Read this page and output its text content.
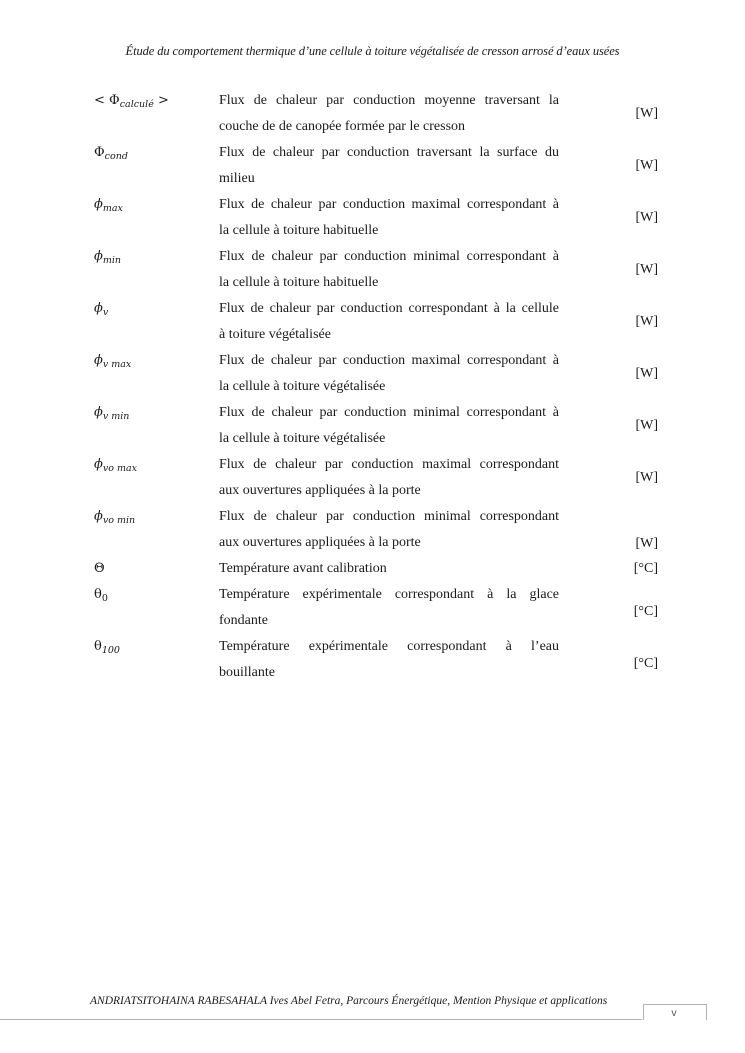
Étude du comportement thermique d’une cellule à toiture végétalisée de cresson arrosé d’eaux usées
< $\Phi_{calculé}$ >	Flux de chaleur par conduction moyenne traversant la
couche de de canopée formée par le cresson
[W]
$\Phi_{cond}$	Flux de chaleur par conduction traversant la surface du
milieu
[W]
$\phi_{max}$	Flux de chaleur par conduction maximal correspondant à
la cellule à toiture habituelle
[W]
$\phi_{min}$	Flux de chaleur par conduction minimal correspondant à
la cellule à toiture habituelle
[W]
$\phi_v$	Flux de chaleur par conduction correspondant à la cellule
à toiture végétalisée
[W]
$\phi_{v max}$	Flux de chaleur par conduction maximal correspondant à
la cellule à toiture végétalisée
[W]
$\phi_{v min}$	Flux de chaleur par conduction minimal correspondant à
la cellule à toiture végétalisée
[W]
$\phi_{vo max}$	Flux de chaleur par conduction maximal correspondant
aux ouvertures appliquées à la porte
[W]
$\phi_{vo min}$	Flux de chaleur par conduction minimal correspondant
aux ouvertures appliquées à la porte	[W]
Θ	Température avant calibration	[°C]
$\theta_0$	Température expérimentale correspondant à la glace
fondante
[°C]
$\theta_{100}$	Température expérimentale correspondant à l’eau
bouillante
[°C]
ANDRIATSITOHAINA RABESAHALA Ives Abel Fetra, Parcours Énergétique, Mention Physique et applications
v
